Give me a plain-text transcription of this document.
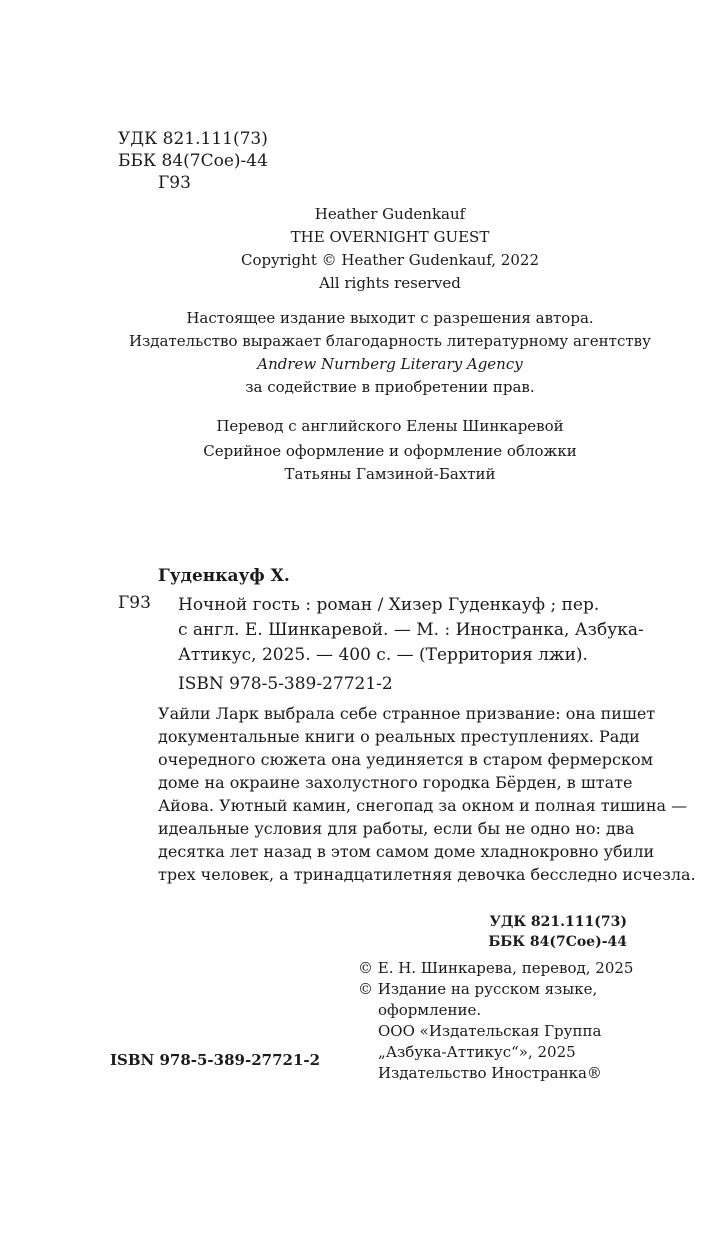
УДК 821.111(73)
ББК 84(7Сое)-44
Г93
Heather Gudenkauf
THE OVERNIGHT GUEST
Copyright © Heather Gudenkauf, 2022
All rights reserved
Настоящее издание выходит с разрешения автора.
Издательство выражает благодарность литературному агентству
Andrew Nurnberg Literary Agency
за содействие в приобретении прав.
Перевод с английского Елены Шинкаревой
Серийное оформление и оформление обложки
Татьяны Гамзиной-Бахтий
Гуденкауф Х.
Г93 Ночной гость : роман / Хизер Гуденкауф ; пер.
с англ. Е. Шинкаревой. — М. : Иностранка, Азбука-
Аттикус, 2025. — 400 с. — (Территория лжи).
ISBN 978-5-389-27721-2
Уайли Ларк выбрала себе странное призвание: она пишет
документальные книги о реальных преступлениях. Ради
очередного сюжета она уединяется в старом фермерском
доме на окраине захолустного городка Бёрден, в штате
Айова. Уютный камин, снегопад за окном и полная тишина —
идеальные условия для работы, если бы не одно но: два
десятка лет назад в этом самом доме хладнокровно убили
трех человек, а тринадцатилетняя девочка бесследно исчезла.
УДК 821.111(73)
ББК 84(7Сое)-44
© Е. Н. Шинкарева, перевод, 2025
© Издание на русском языке,
оформление.
ООО «Издательская Группа
„Азбука-Аттикус“», 2025
Издательство Иностранка®
ISBN 978-5-389-27721-2
